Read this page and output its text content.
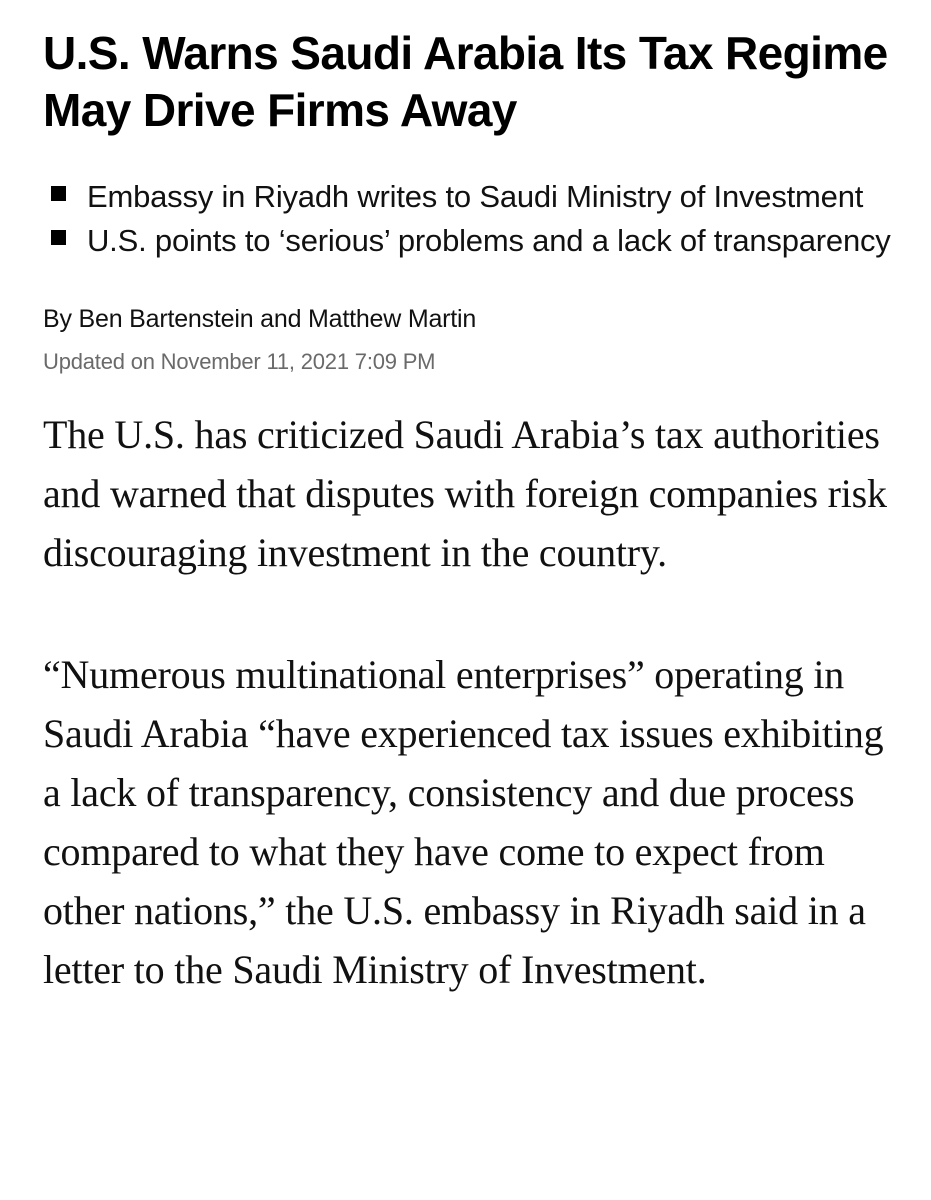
U.S. Warns Saudi Arabia Its Tax Regime May Drive Firms Away
Embassy in Riyadh writes to Saudi Ministry of Investment
U.S. points to ‘serious’ problems and a lack of transparency
By Ben Bartenstein and Matthew Martin
Updated on November 11, 2021 7:09 PM

The U.S. has criticized Saudi Arabia’s tax authorities and warned that disputes with foreign companies risk discouraging investment in the country.

“Numerous multinational enterprises” operating in Saudi Arabia “have experienced tax issues exhibiting a lack of transparency, consistency and due process compared to what they have come to expect from other nations,” the U.S. embassy in Riyadh said in a letter to the Saudi Ministry of Investment.
